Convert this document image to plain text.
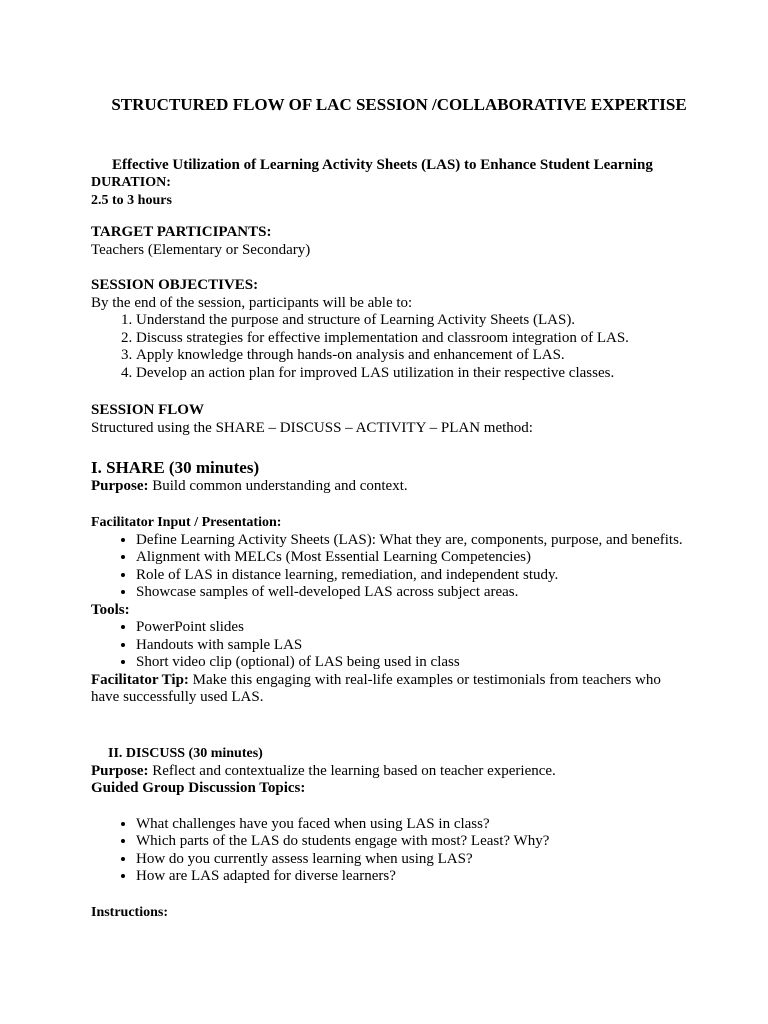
STRUCTURED FLOW OF LAC SESSION /COLLABORATIVE EXPERTISE

Effective Utilization of Learning Activity Sheets (LAS) to Enhance Student Learning

DURATION:

2.5 to 3 hours

TARGET PARTICIPANTS:

Teachers (Elementary or Secondary)

SESSION OBJECTIVES:

By the end of the session, participants will be able to:

1. Understand the purpose and structure of Learning Activity Sheets (LAS).
2. Discuss strategies for effective implementation and classroom integration of LAS.
3. Apply knowledge through hands-on analysis and enhancement of LAS.
4. Develop an action plan for improved LAS utilization in their respective classes.

SESSION FLOW

Structured using the SHARE – DISCUSS – ACTIVITY – PLAN method:

I. SHARE (30 minutes)

Purpose: Build common understanding and context.

Facilitator Input / Presentation:

• Define Learning Activity Sheets (LAS): What they are, components, purpose, and benefits.
• Alignment with MELCs (Most Essential Learning Competencies)
• Role of LAS in distance learning, remediation, and independent study.
• Showcase samples of well-developed LAS across subject areas.

Tools:

• PowerPoint slides
• Handouts with sample LAS
• Short video clip (optional) of LAS being used in class

Facilitator Tip: Make this engaging with real-life examples or testimonials from teachers who have successfully used LAS.

II. DISCUSS (30 minutes)

Purpose: Reflect and contextualize the learning based on teacher experience.

Guided Group Discussion Topics:

• What challenges have you faced when using LAS in class?
• Which parts of the LAS do students engage with most? Least? Why?
• How do you currently assess learning when using LAS?
• How are LAS adapted for diverse learners?

Instructions:
